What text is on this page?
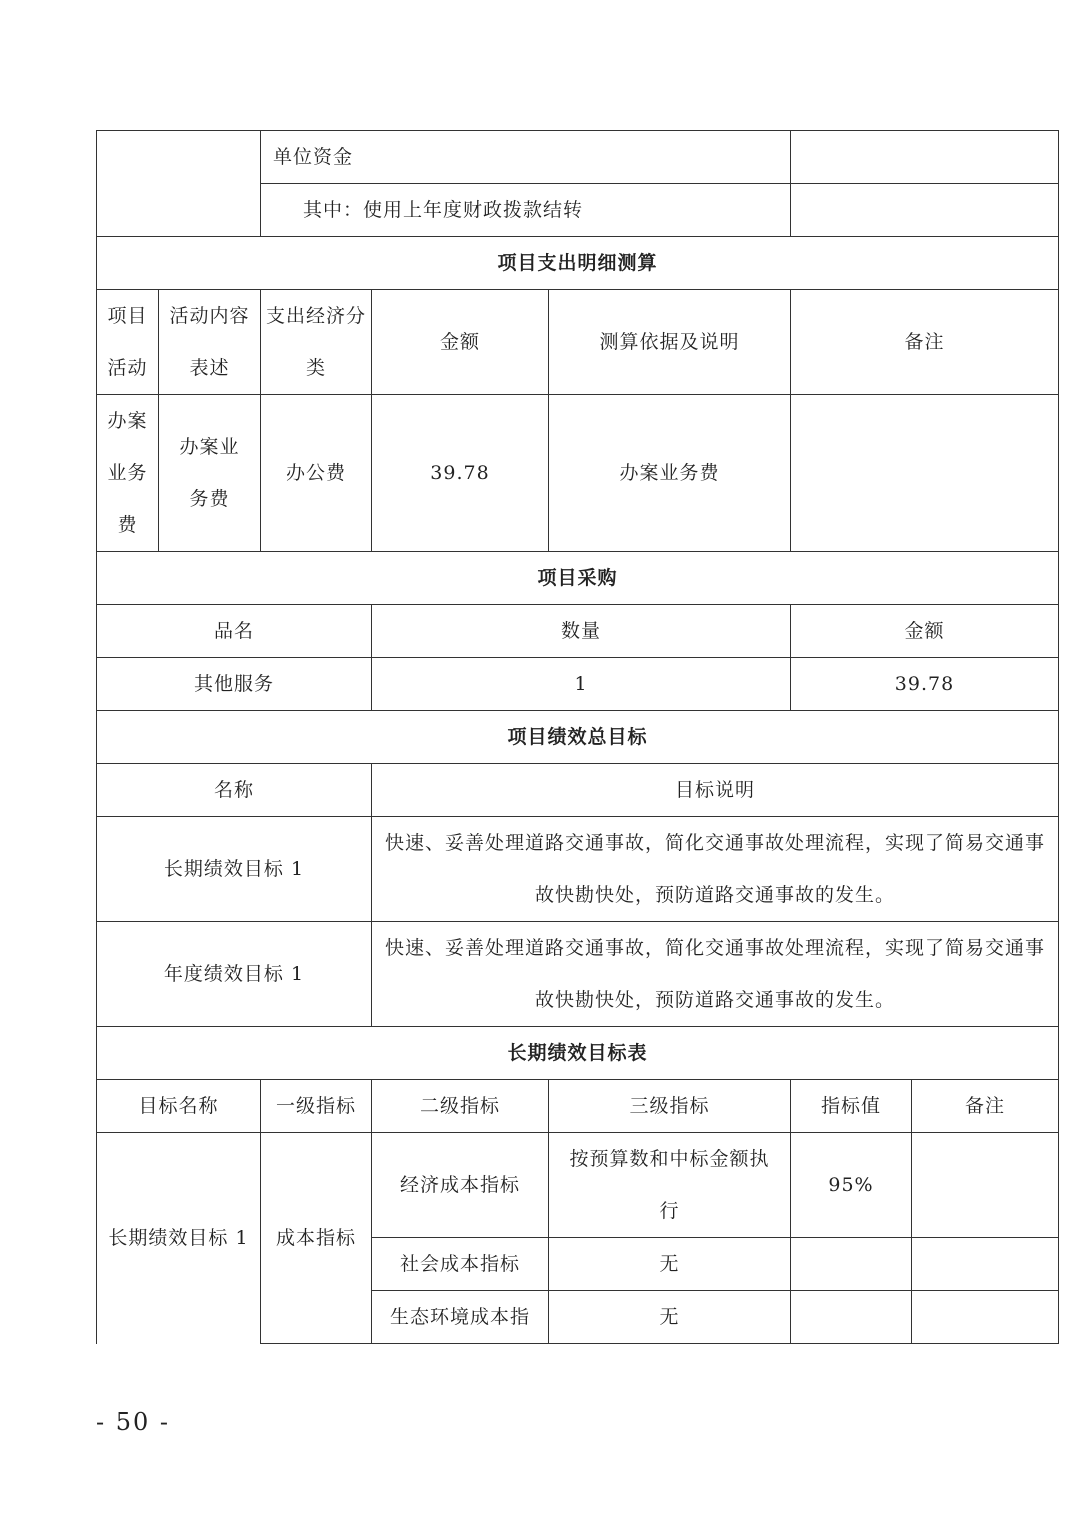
		单位资金				
		其中：使用上年度财政拨款结转				
项目支出明细测算						
项目活动	活动内容表述	支出经济分类	金额	测算依据及说明	备注	
办案业务费	办案业务费	办公费	39.78	办案业务费		
项目采购						
品名			数量		金额	
其他服务			1		39.78	
项目绩效总目标						
名称			目标说明			
长期绩效目标 1			快速、妥善处理道路交通事故，简化交通事故处理流程，实现了简易交通事故快勘快处，预防道路交通事故的发生。			
年度绩效目标 1			快速、妥善处理道路交通事故，简化交通事故处理流程，实现了简易交通事故快勘快处，预防道路交通事故的发生。			
长期绩效目标表						
目标名称		一级指标	二级指标	三级指标	指标值	备注
长期绩效目标 1		成本指标	经济成本指标	按预算数和中标金额执行	95%	
			社会成本指标	无		
			生态环境成本指	无		
- 50 -
